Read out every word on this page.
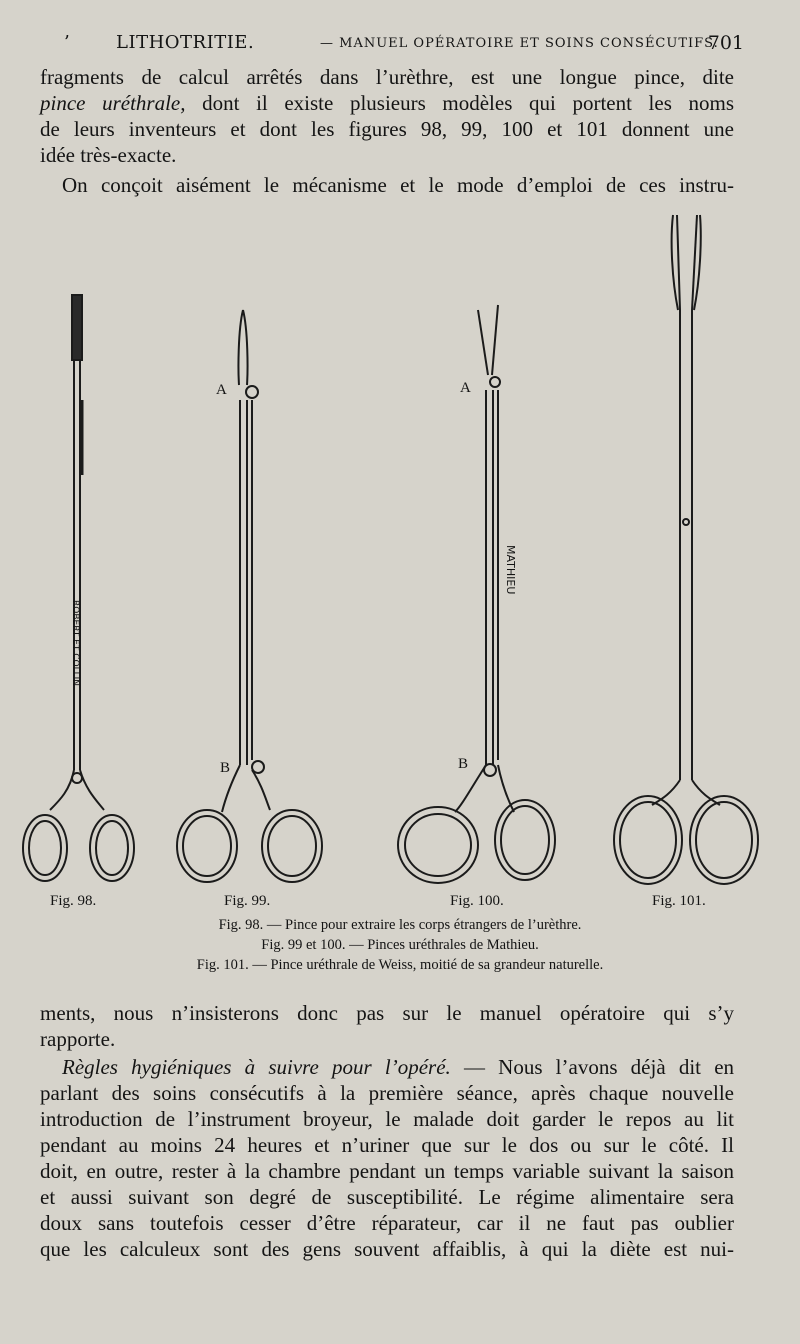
’	LITHOTRITIE.	— MANUEL OPÉRATOIRE ET SOINS CONSÉCUTIFS.
701
fragments de calcul arrêtés dans l’urèthre, est une longue pince, dite
pince uréthrale, dont il existe plusieurs modèles qui portent les noms
de leurs inventeurs et dont les figures 98, 99, 100 et 101 donnent une
idée très-exacte.
On conçoit aisément le mécanisme et le mode d’emploi de ces instru-
A
B
A
B
ROBERT ET COLLIN
MATHIEU
Fig. 98.	Fig. 99.	Fig. 100.	Fig. 101.
Fig. 98. — Pince pour extraire les corps étrangers de l’urèthre.
Fig. 99 et 100. — Pinces uréthrales de Mathieu.
Fig. 101. — Pince uréthrale de Weiss, moitié de sa grandeur naturelle.
ments, nous n’insisterons donc pas sur le manuel opératoire qui s’y
rapporte.
Règles hygiéniques à suivre pour l’opéré. — Nous l’avons déjà dit en
parlant des soins consécutifs à la première séance, après chaque nouvelle
introduction de l’instrument broyeur, le malade doit garder le repos au lit
pendant au moins 24 heures et n’uriner que sur le dos ou sur le côté. Il
doit, en outre, rester à la chambre pendant un temps variable suivant la saison
et aussi suivant son degré de susceptibilité. Le régime alimentaire sera
doux sans toutefois cesser d’être réparateur, car il ne faut pas oublier
que les calculeux sont des gens souvent affaiblis, à qui la diète est nui-
